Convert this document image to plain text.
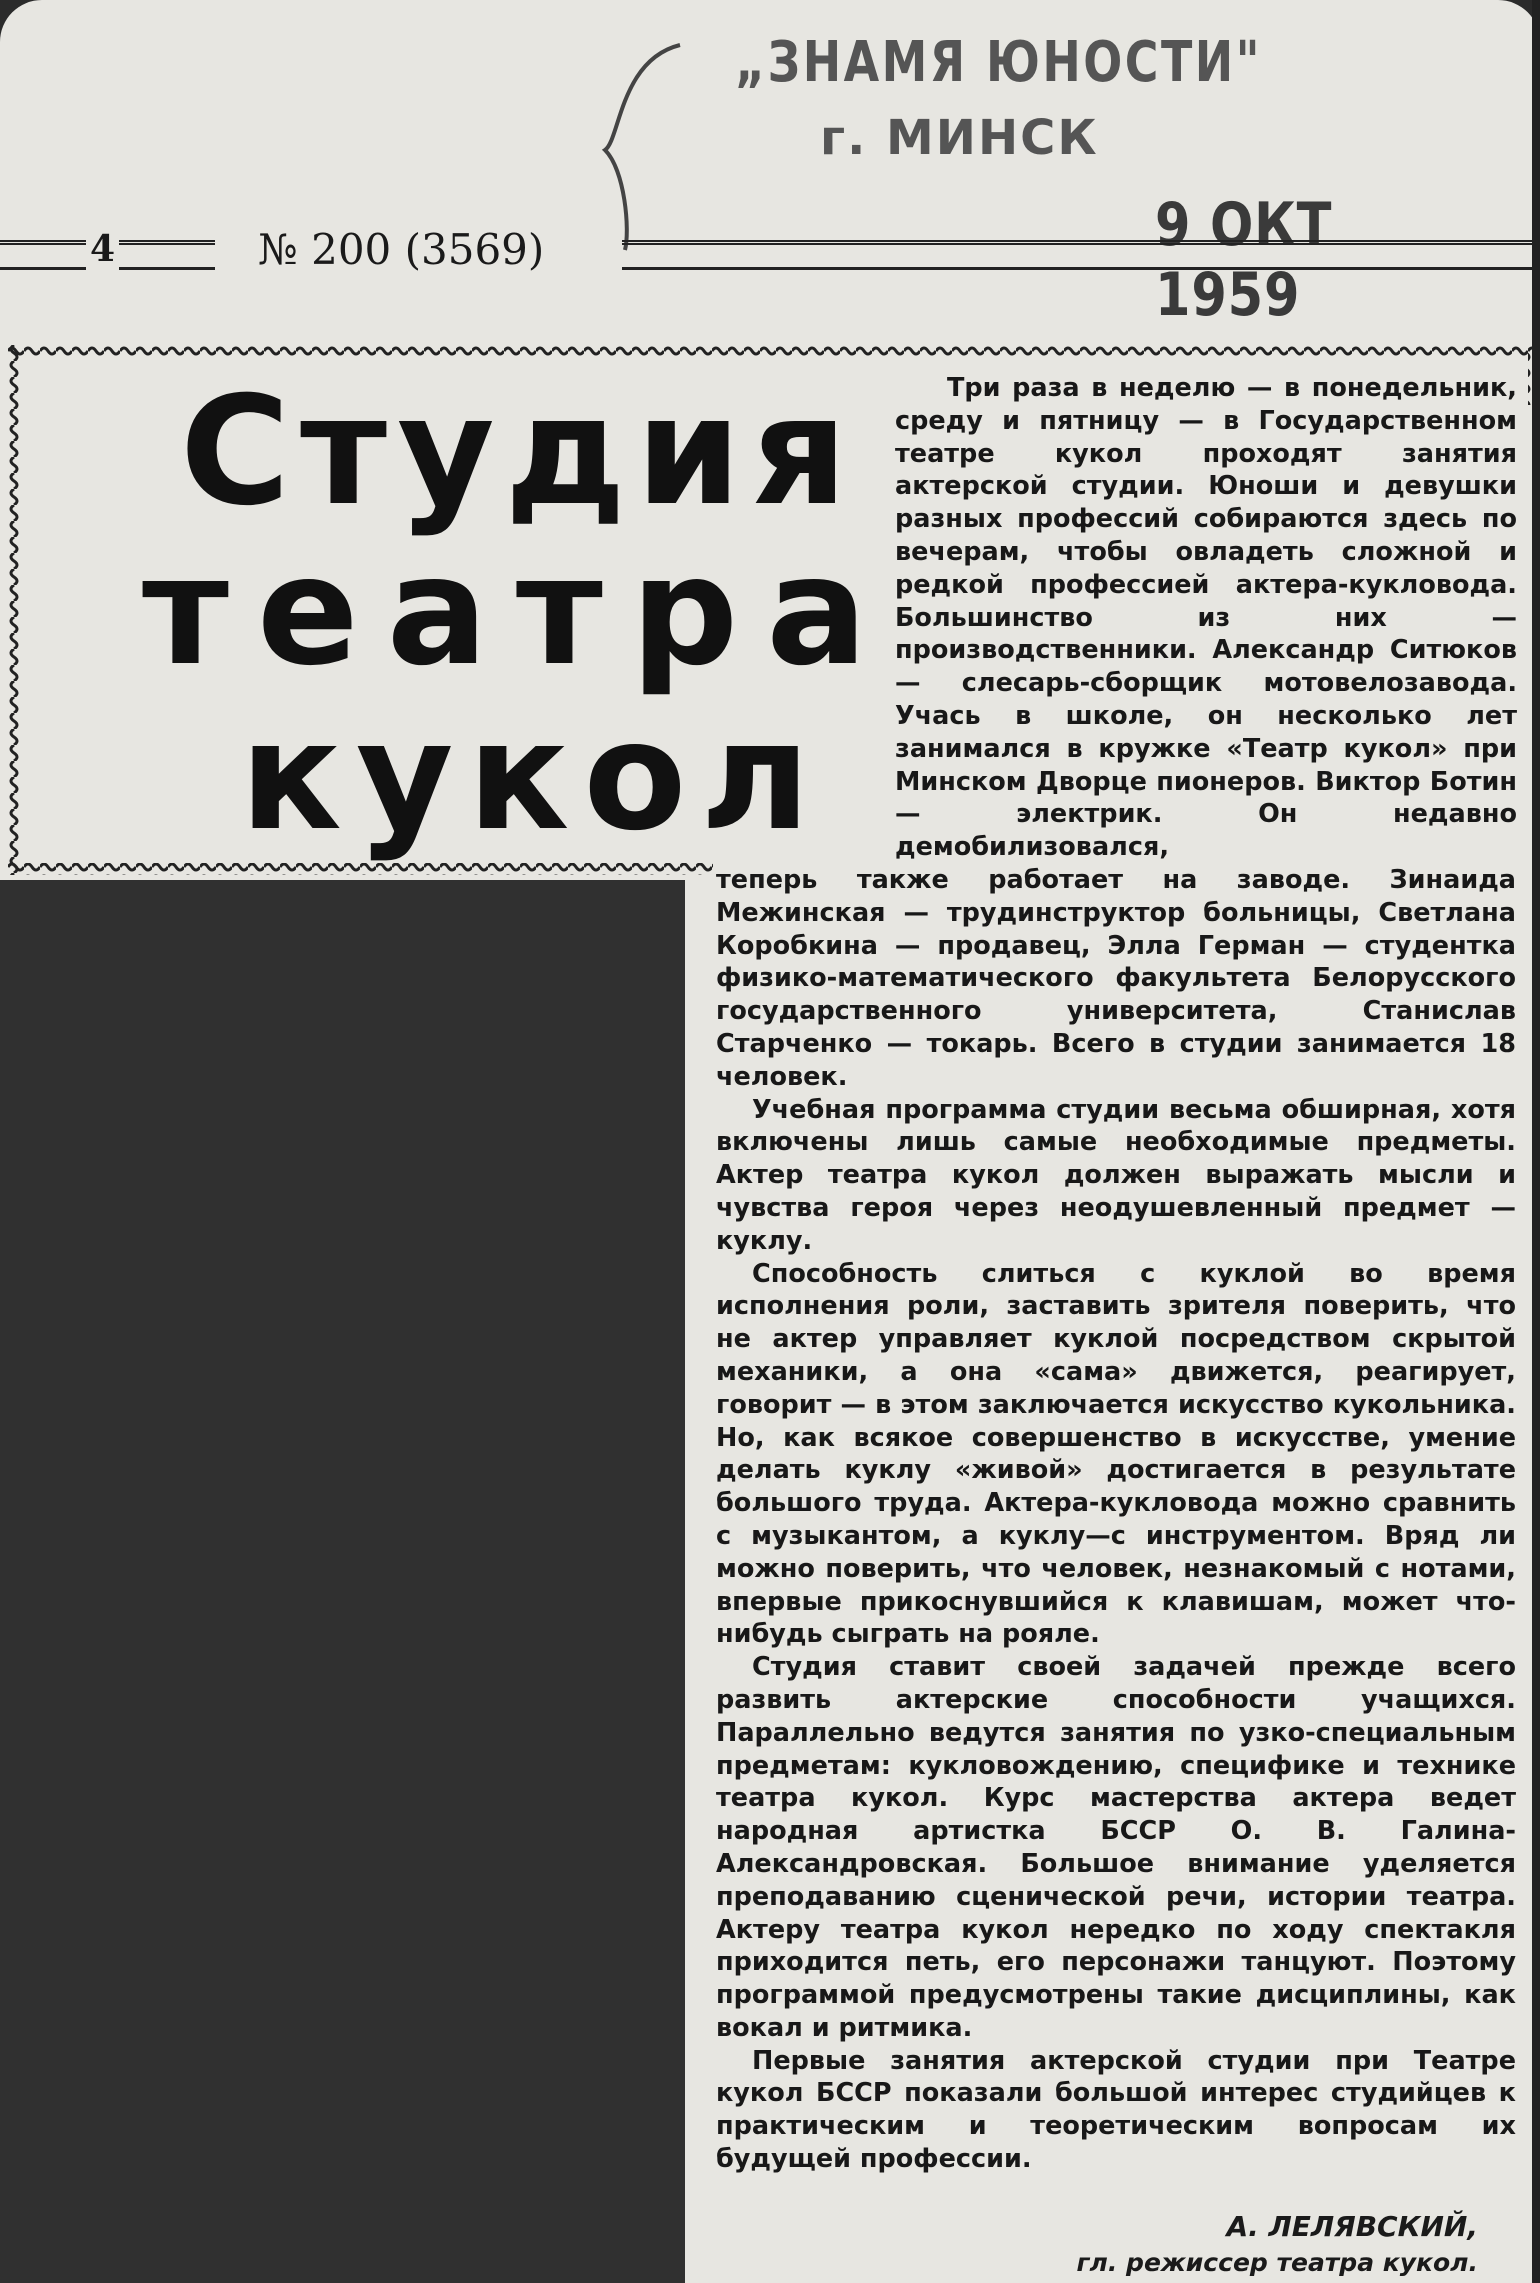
„ЗНАМЯ ЮНОСТИ"
г. МИНСК
9 ОКТ 1959
4	№ 200 (3569)
Студия
театра
кукол

Три раза в неделю — в понедельник, среду и пятницу — в Государственном театре кукол проходят занятия актерской студии. Юноши и девушки разных профессий собираются здесь по вечерам, чтобы овладеть сложной и редкой профессией актера-кукловода. Большинство из них — производственники. Александр Ситюков — слесарь-сборщик мотовелозавода. Учась в школе, он несколько лет занимался в кружке «Театр кукол» при Минском Дворце пионеров. Виктор Ботин — электрик. Он недавно демобилизовался,

теперь также работает на заводе. Зинаида Межинская — трудинструктор больницы, Светлана Коробкина — продавец, Элла Герман — студентка физико-математического факультета Белорусского государственного университета, Станислав Старченко — токарь. Всего в студии занимается 18 человек.

Учебная программа студии весьма обширная, хотя включены лишь самые необходимые предметы. Актер театра кукол должен выражать мысли и чувства героя через неодушевленный предмет — куклу.

Способность слиться с куклой во время исполнения роли, заставить зрителя поверить, что не актер управляет куклой посредством скрытой механики, а она «сама» движется, реагирует, говорит — в этом заключается искусство кукольника. Но, как всякое совершенство в искусстве, умение делать куклу «живой» достигается в результате большого труда. Актера-кукловода можно сравнить с музыкантом, а куклу—с инструментом. Вряд ли можно поверить, что человек, незнакомый с нотами, впервые прикоснувшийся к клавишам, может что-нибудь сыграть на рояле.

Студия ставит своей задачей прежде всего развить актерские способности учащихся. Параллельно ведутся занятия по узко-специальным предметам: кукловождению, специфике и технике театра кукол. Курс мастерства актера ведет народная артистка БССР О. В. Галина-Александровская. Большое внимание уделяется преподаванию сценической речи, истории театра. Актеру театра кукол нередко по ходу спектакля приходится петь, его персонажи танцуют. Поэтому программой предусмотрены такие дисциплины, как вокал и ритмика.

Первые занятия актерской студии при Театре кукол БССР показали большой интерес студийцев к практическим и теоретическим вопросам их будущей профессии.

А. ЛЕЛЯВСКИЙ,
гл. режиссер театра кукол.
